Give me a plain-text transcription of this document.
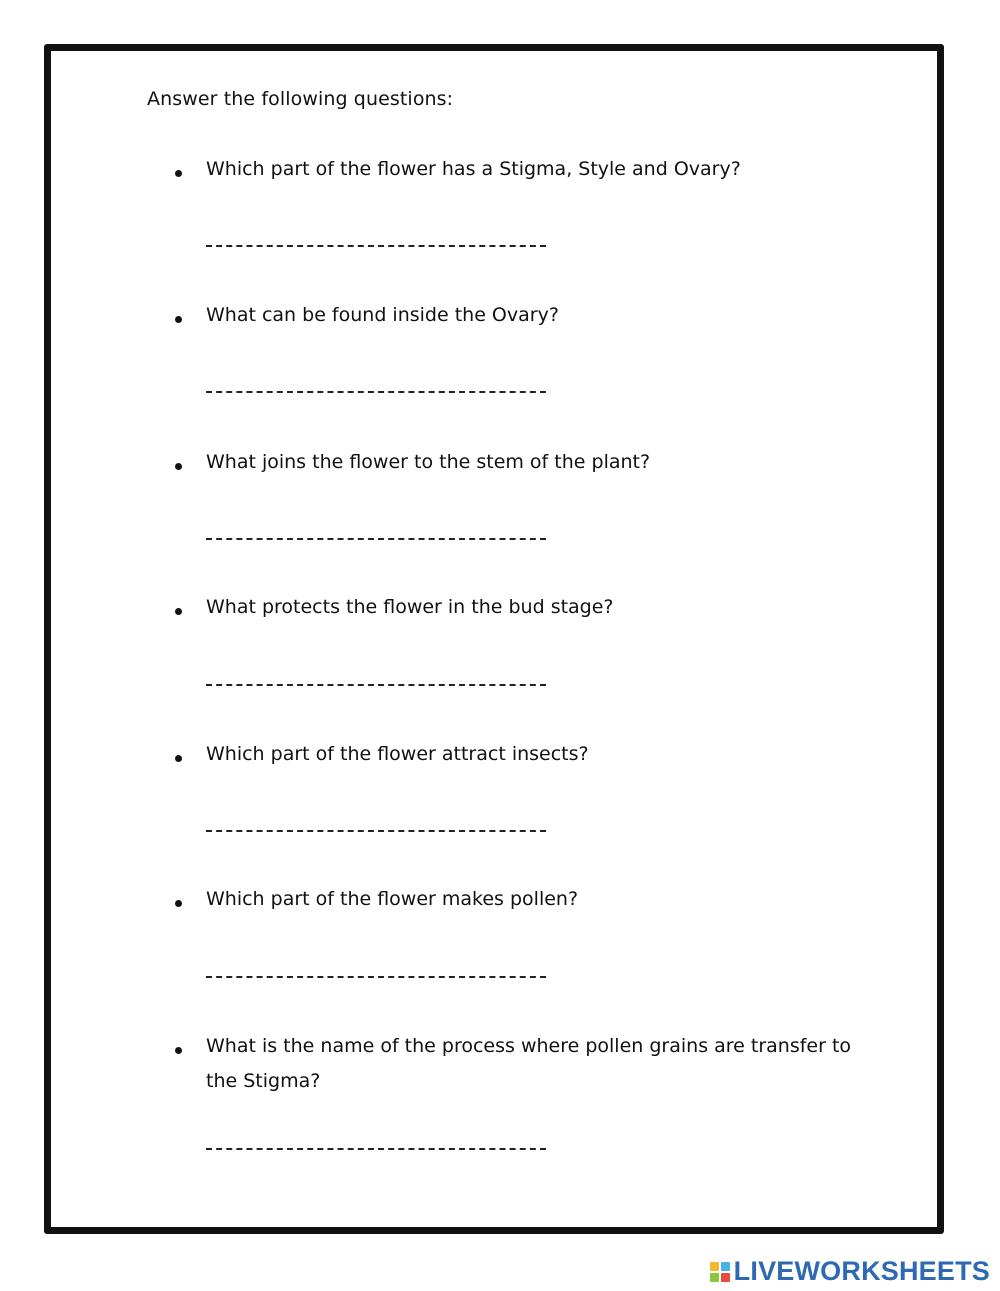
Answer the following questions:
Which part of the flower has a Stigma, Style and Ovary?
What can be found inside the Ovary?
What joins the flower to the stem of the plant?
What protects the flower in the bud stage?
Which part of the flower attract insects?
Which part of the flower makes pollen?
What is the name of the process where pollen grains are transfer to the Stigma?
LIVEWORKSHEETS
